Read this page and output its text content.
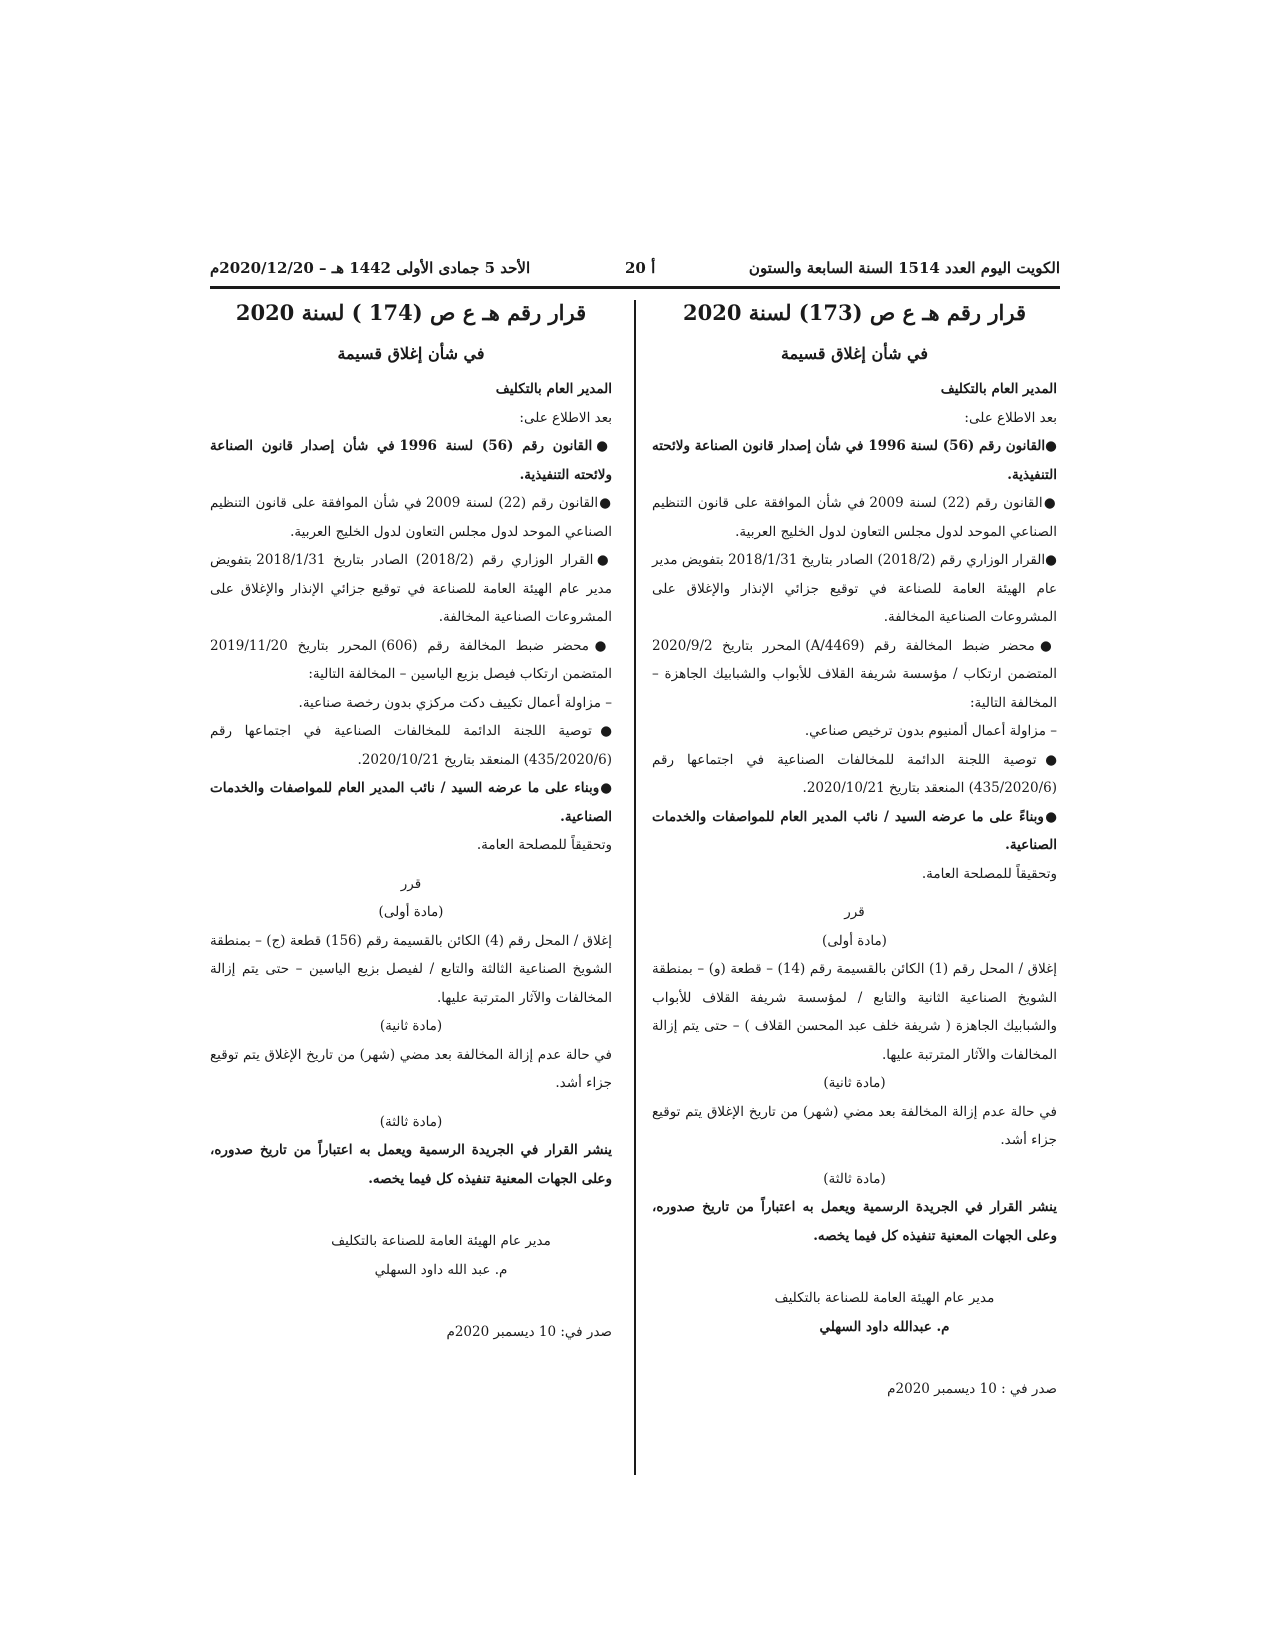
الكويت اليوم العدد 1514 السنة السابعة والستون
أ 20
الأحد 5 جمادى الأولى 1442 هـ – 2020/12/20م

قرار رقم هـ ع ص (173) لسنة 2020

في شأن إغلاق قسيمة

المدير العام بالتكليف

بعد الاطلاع على:

●القانون رقم (56) لسنة 1996 في شأن إصدار قانون الصناعة ولائحته التنفيذية.

●القانون رقم (22) لسنة 2009 في شأن الموافقة على قانون التنظيم الصناعي الموحد لدول مجلس التعاون لدول الخليج العربية.

●القرار الوزاري رقم (2018/2) الصادر بتاريخ 2018/1/31 بتفويض مدير عام الهيئة العامة للصناعة في توقيع جزائي الإنذار والإغلاق على المشروعات الصناعية المخالفة.

●محضر ضبط المخالفة رقم (A/4469) المحرر بتاريخ 2020/9/2 المتضمن ارتكاب / مؤسسة شريفة القلاف للأبواب والشبابيك الجاهزة – المخالفة التالية:

– مزاولة أعمال ألمنيوم بدون ترخيص صناعي.

●توصية اللجنة الدائمة للمخالفات الصناعية في اجتماعها رقم (435/2020/6) المنعقد بتاريخ 2020/10/21.

●وبناءً على ما عرضه السيد / نائب المدير العام للمواصفات والخدمات الصناعية.

وتحقيقاً للمصلحة العامة.

قرر

(مادة أولى)

إغلاق / المحل رقم (1) الكائن بالقسيمة رقم (14) – قطعة (و) – بمنطقة الشويخ الصناعية الثانية والتابع / لمؤسسة شريفة القلاف للأبواب والشبابيك الجاهزة ( شريفة خلف عبد المحسن القلاف ) – حتى يتم إزالة المخالفات والآثار المترتبة عليها.

(مادة ثانية)

في حالة عدم إزالة المخالفة بعد مضي (شهر) من تاريخ الإغلاق يتم توقيع جزاء أشد.

(مادة ثالثة)

ينشر القرار في الجريدة الرسمية ويعمل به اعتباراً من تاريخ صدوره، وعلى الجهات المعنية تنفيذه كل فيما يخصه.

مدير عام الهيئة العامة للصناعة بالتكليف

م. عبدالله داود السهلي

صدر في : 10 ديسمبر 2020م

قرار رقم هـ ع ص (174 ) لسنة 2020

في شأن إغلاق قسيمة

المدير العام بالتكليف

بعد الاطلاع على:

●القانون رقم (56) لسنة 1996 في شأن إصدار قانون الصناعة ولائحته التنفيذية.

●القانون رقم (22) لسنة 2009 في شأن الموافقة على قانون التنظيم الصناعي الموحد لدول مجلس التعاون لدول الخليج العربية.

●القرار الوزاري رقم (2018/2) الصادر بتاريخ 2018/1/31 بتفويض مدير عام الهيئة العامة للصناعة في توقيع جزائي الإنذار والإغلاق على المشروعات الصناعية المخالفة.

●محضر ضبط المخالفة رقم (606) المحرر بتاريخ 2019/11/20 المتضمن ارتكاب فيصل بزيع الياسين – المخالفة التالية:

– مزاولة أعمال تكييف دكت مركزي بدون رخصة صناعية.

●توصية اللجنة الدائمة للمخالفات الصناعية في اجتماعها رقم (435/2020/6) المنعقد بتاريخ 2020/10/21.

●وبناء على ما عرضه السيد / نائب المدير العام للمواصفات والخدمات الصناعية.

وتحقيقاً للمصلحة العامة.

قرر

(مادة أولى)

إغلاق / المحل رقم (4) الكائن بالقسيمة رقم (156) قطعة (ج) – بمنطقة الشويخ الصناعية الثالثة والتابع / لفيصل بزيع الياسين – حتى يتم إزالة المخالفات والآثار المترتبة عليها.

(مادة ثانية)

في حالة عدم إزالة المخالفة بعد مضي (شهر) من تاريخ الإغلاق يتم توقيع جزاء أشد.

(مادة ثالثة)

ينشر القرار في الجريدة الرسمية ويعمل به اعتباراً من تاريخ صدوره، وعلى الجهات المعنية تنفيذه كل فيما يخصه.

مدير عام الهيئة العامة للصناعة بالتكليف

م. عبد الله داود السهلي

صدر في: 10 ديسمبر 2020م
